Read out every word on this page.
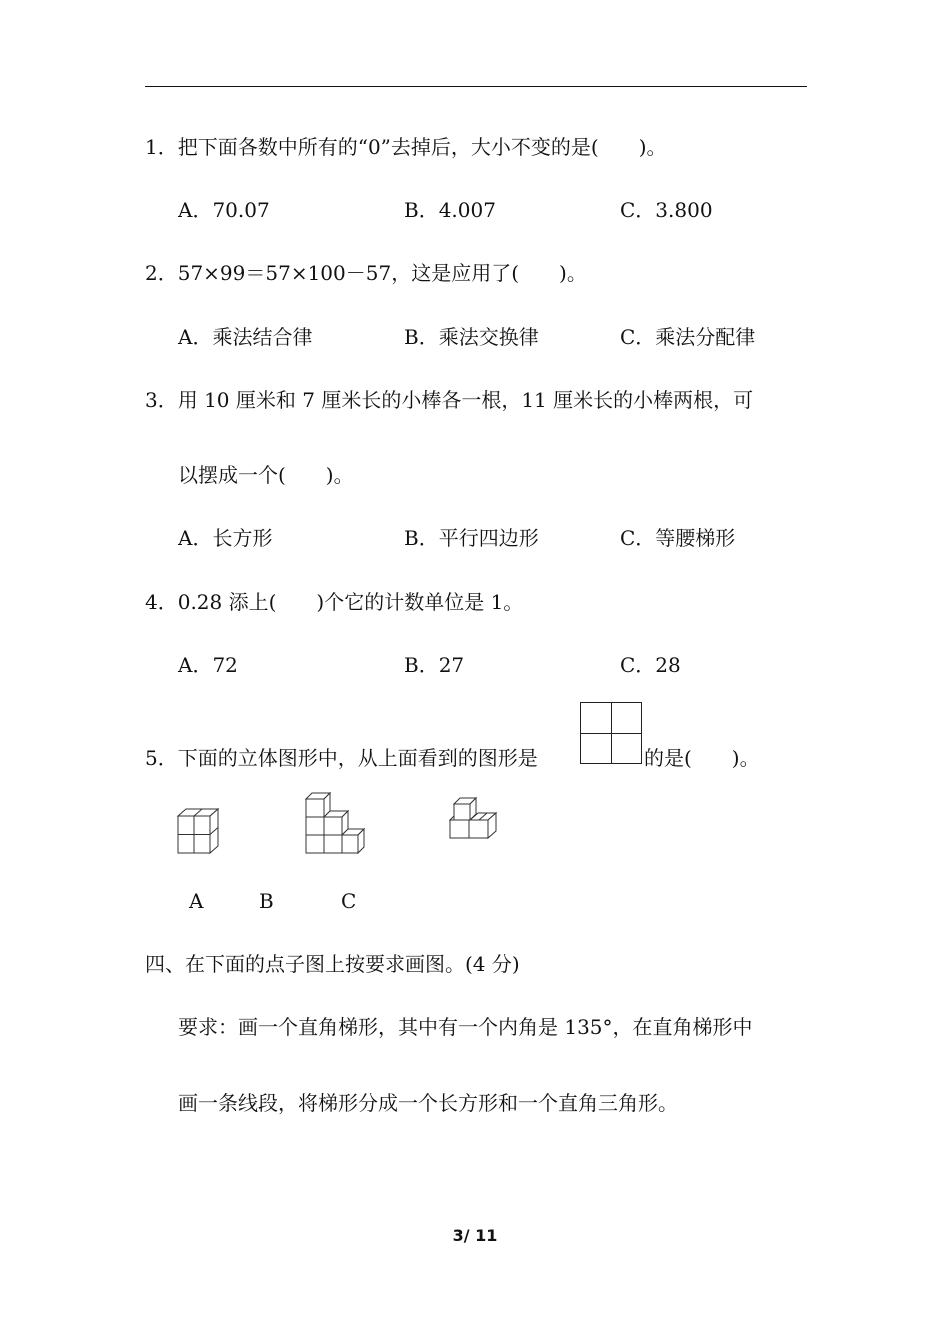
1．把下面各数中所有的“0”去掉后，大小不变的是(　　)。
A．70.07	B．4.007	C．3.800
2．57×99＝57×100－57，这是应用了(　　)。
A．乘法结合律	B．乘法交换律	C．乘法分配律
3．用 10 厘米和 7 厘米长的小棒各一根，11 厘米长的小棒两根，可
以摆成一个(　　)。
A．长方形	B．平行四边形	C．等腰梯形
4．0.28 添上(　　)个它的计数单位是 1。
A．72	B．27	C．28
5．下面的立体图形中，从上面看到的图形是	的是(　　)。
A	B	C
四、在下面的点子图上按要求画图。(4 分)
要求：画一个直角梯形，其中有一个内角是 135°，在直角梯形中
画一条线段，将梯形分成一个长方形和一个直角三角形。
3/ 11
